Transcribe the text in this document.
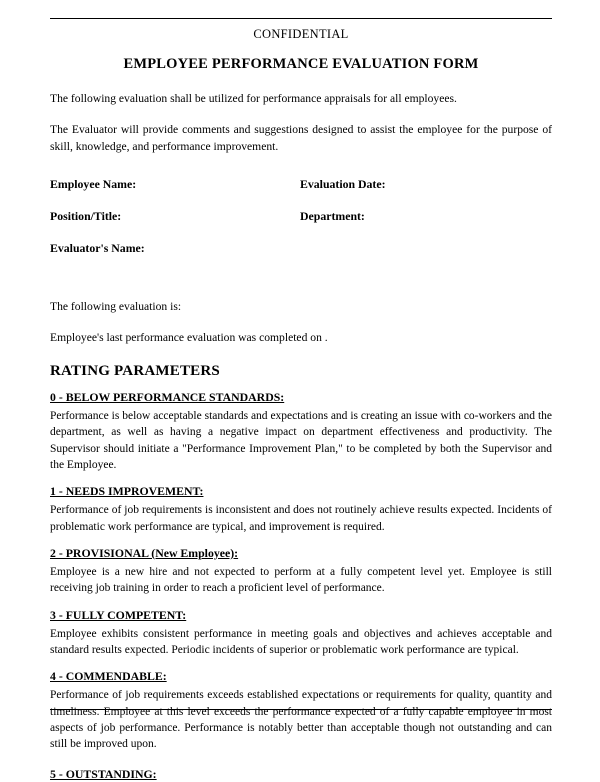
CONFIDENTIAL
EMPLOYEE PERFORMANCE EVALUATION FORM

The following evaluation shall be utilized for performance appraisals for all employees.

The Evaluator will provide comments and suggestions designed to assist the employee for the purpose of skill, knowledge, and performance improvement.

Employee Name:	Evaluation Date:
Position/Title:	Department:
Evaluator's Name:

The following evaluation is:

Employee's last performance evaluation was completed on .

RATING PARAMETERS
0 - BELOW PERFORMANCE STANDARDS:

Performance is below acceptable standards and expectations and is creating an issue with co-workers and the department, as well as having a negative impact on department effectiveness and productivity. The Supervisor should initiate a "Performance Improvement Plan," to be completed by both the Supervisor and the Employee.

1 - NEEDS IMPROVEMENT:

Performance of job requirements is inconsistent and does not routinely achieve results expected. Incidents of problematic work performance are typical, and improvement is required.

2 - PROVISIONAL (New Employee):

Employee is a new hire and not expected to perform at a fully competent level yet. Employee is still receiving job training in order to reach a proficient level of performance.

3 - FULLY COMPETENT:

Employee exhibits consistent performance in meeting goals and objectives and achieves acceptable and standard results expected. Periodic incidents of superior or problematic work performance are typical.

4 - COMMENDABLE:

Performance of job requirements exceeds established expectations or requirements for quality, quantity and timeliness. Employee at this level exceeds the performance expected of a fully capable employee in most aspects of job performance. Performance is notably better than acceptable though not outstanding and can still be improved upon.

5 - OUTSTANDING:
